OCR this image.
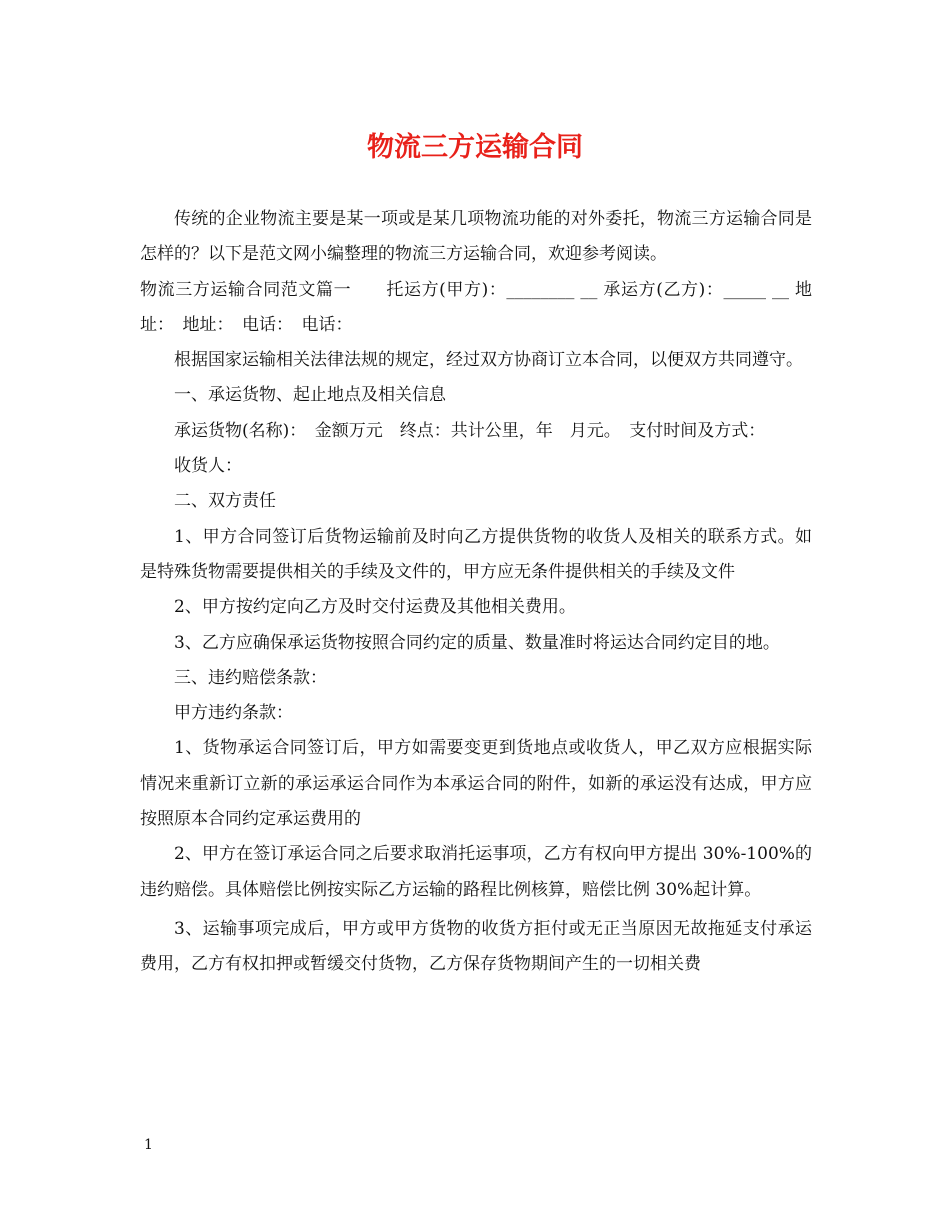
物流三方运输合同

传统的企业物流主要是某一项或是某几项物流功能的对外委托，物流三方运输合同是怎样的？以下是范文网小编整理的物流三方运输合同，欢迎参考阅读。

物流三方运输合同范文篇一　　托运方(甲方)：________ __ 承运方(乙方)：_____ __ 地址：　地址：　电话：　电话：

根据国家运输相关法律法规的规定，经过双方协商订立本合同，以便双方共同遵守。

一、承运货物、起止地点及相关信息

承运货物(名称)：　金额万元　终点：共计公里，年　月元。　支付时间及方式：

收货人：

二、双方责任

1、甲方合同签订后货物运输前及时向乙方提供货物的收货人及相关的联系方式。如是特殊货物需要提供相关的手续及文件的，甲方应无条件提供相关的手续及文件

2、甲方按约定向乙方及时交付运费及其他相关费用。

3、乙方应确保承运货物按照合同约定的质量、数量准时将运达合同约定目的地。

三、违约赔偿条款：

甲方违约条款：

1、货物承运合同签订后，甲方如需要变更到货地点或收货人，甲乙双方应根据实际情况来重新订立新的承运承运合同作为本承运合同的附件，如新的承运没有达成，甲方应按照原本合同约定承运费用的

2、甲方在签订承运合同之后要求取消托运事项，乙方有权向甲方提出 30%-100%的违约赔偿。具体赔偿比例按实际乙方运输的路程比例核算，赔偿比例 30%起计算。

3、运输事项完成后，甲方或甲方货物的收货方拒付或无正当原因无故拖延支付承运费用，乙方有权扣押或暂缓交付货物，乙方保存货物期间产生的一切相关费

1
